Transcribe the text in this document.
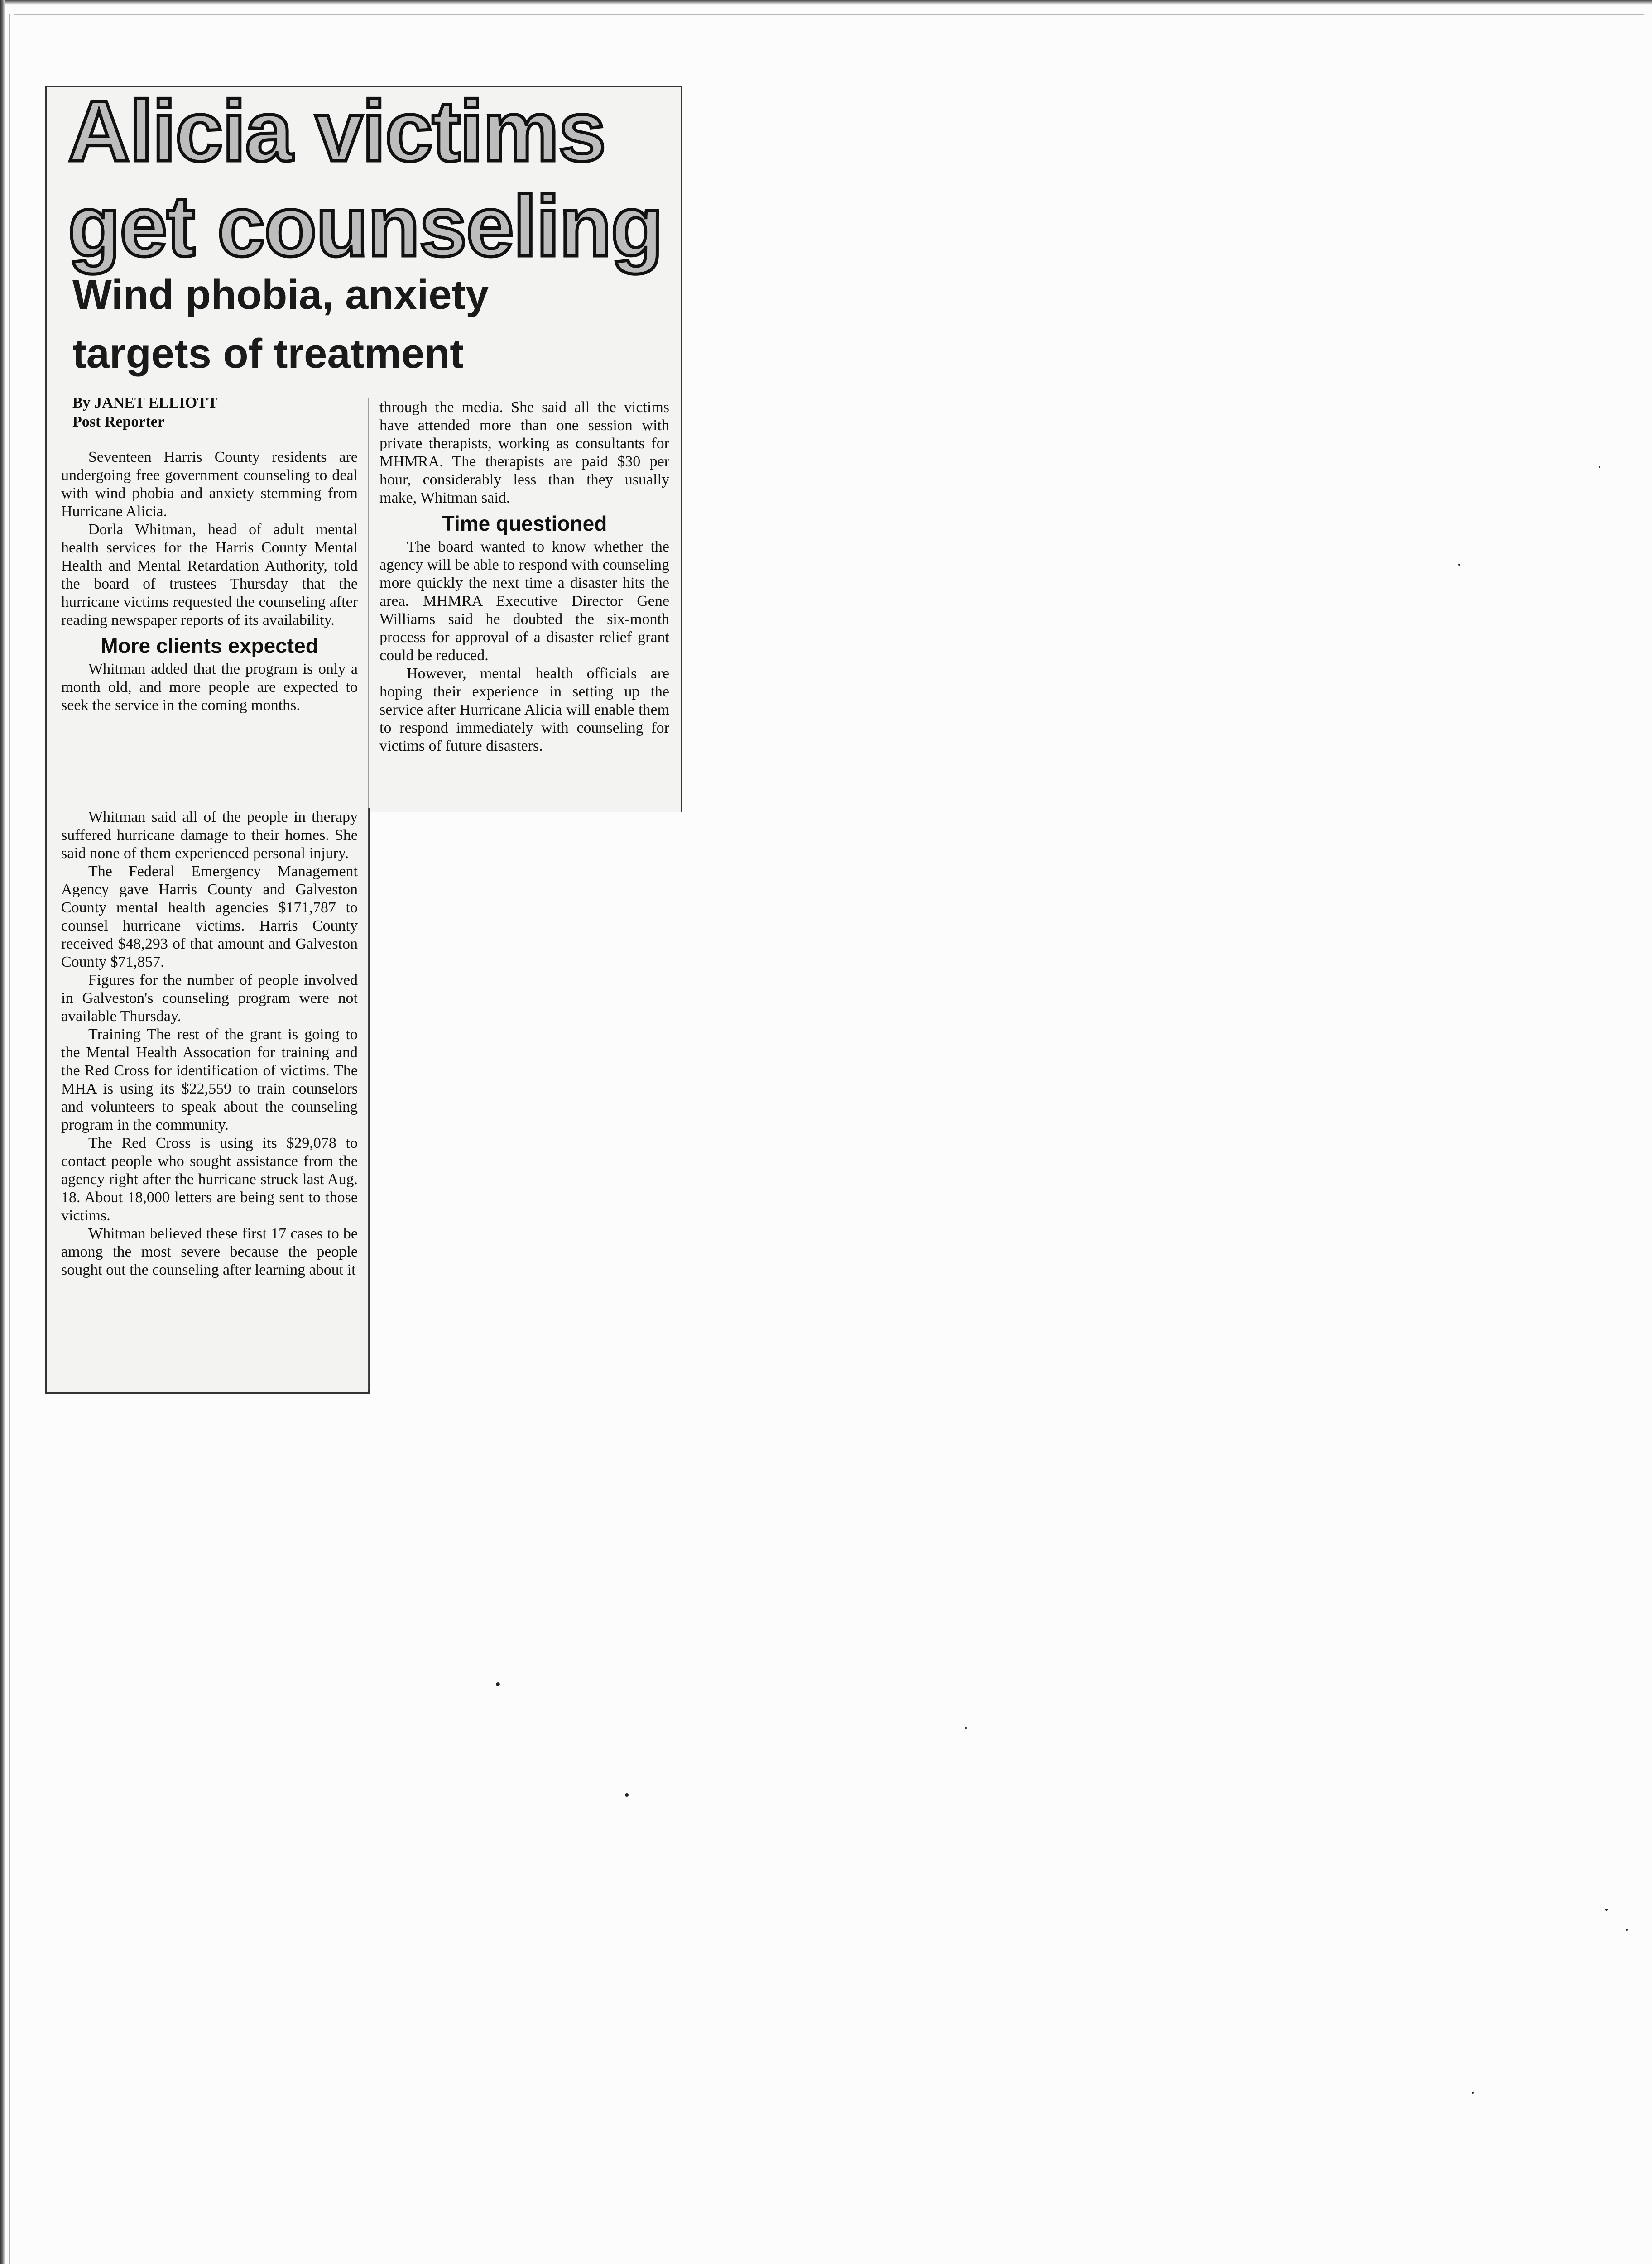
Alicia victims
get counseling
Wind phobia, anxiety
targets of treatment
By JANET ELLIOTT
Post Reporter

Seventeen Harris County residents are undergoing free government counseling to deal with wind phobia and anxiety stemming from Hurricane Alicia.

Dorla Whitman, head of adult mental health services for the Harris County Mental Health and Mental Retardation Authority, told the board of trustees Thursday that the hurricane victims requested the counseling after reading newspaper reports of its availability.

More clients expected

Whitman added that the program is only a month old, and more people are expected to seek the service in the coming months.

Whitman said all of the people in therapy suffered hurricane damage to their homes. She said none of them experienced personal injury.

The Federal Emergency Management Agency gave Harris County and Galveston County mental health agencies $171,787 to counsel hurricane victims. Harris County received $48,293 of that amount and Galveston County $71,857.

Figures for the number of people involved in Galveston's counseling program were not available Thursday.

Training The rest of the grant is going to the Mental Health Assocation for training and the Red Cross for identification of victims. The MHA is using its $22,559 to train counselors and volunteers to speak about the counseling program in the community.

The Red Cross is using its $29,078 to contact people who sought assistance from the agency right after the hurricane struck last Aug. 18. About 18,000 letters are being sent to those victims.

Whitman believed these first 17 cases to be among the most severe because the people sought out the counseling after learning about it

through the media. She said all the victims have attended more than one session with private therapists, working as consultants for MHMRA. The therapists are paid $30 per hour, considerably less than they usually make, Whitman said.

Time questioned

The board wanted to know whether the agency will be able to respond with counseling more quickly the next time a disaster hits the area. MHMRA Executive Director Gene Williams said he doubted the six-month process for approval of a disaster relief grant could be reduced.

However, mental health officials are hoping their experience in setting up the service after Hurricane Alicia will enable them to respond immediately with counseling for victims of future disasters.
